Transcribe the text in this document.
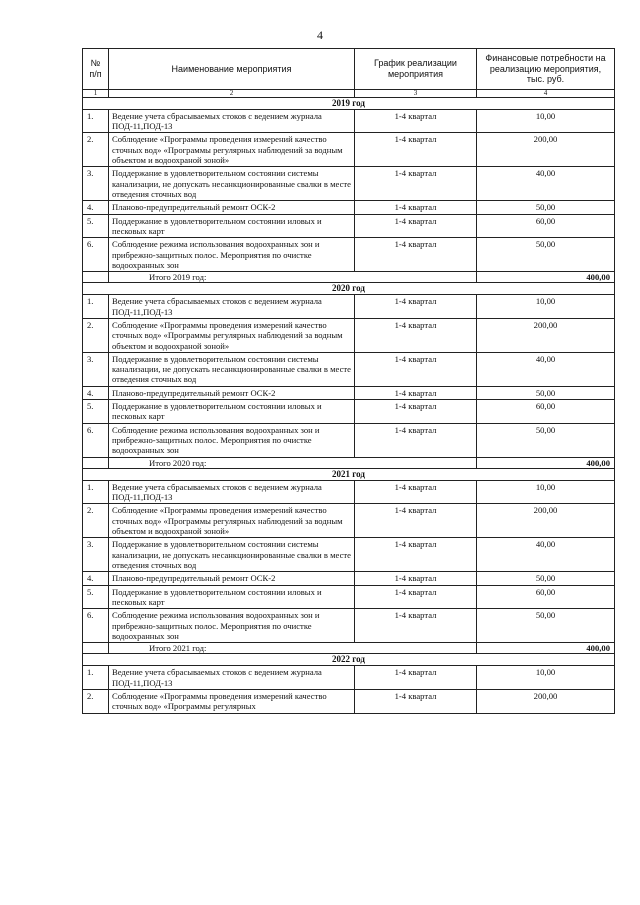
4
№
п/п	Наименование мероприятия	График реализации мероприятия	Финансовые потребности на реализацию мероприятия, тыс. руб.
1	2	3	4
2019 год			
1.	Ведение учета сбрасываемых стоков с ведением журнала ПОД-11,ПОД-13	1-4 квартал	10,00
2.	Соблюдение «Программы проведения измерений качество сточных вод» «Программы регулярных наблюдений за водным объектом и водоохраной зоной»	1-4 квартал	200,00
3.	Поддержание в удовлетворительном состоянии системы канализации, не допускать несанкционированные свалки в месте отведения сточных вод	1-4 квартал	40,00
4.	Планово-предупредительный ремонт ОСК-2	1-4 квартал	50,00
5.	Поддержание в удовлетворительном состоянии иловых и песковых карт	1-4 квартал	60,00
6.	Соблюдение режима использования водоохранных зон и прибрежно-защитных полос. Мероприятия по очистке водоохранных зон	1-4 квартал	50,00
	Итого 2019 год:		400,00
2020 год			
1.	Ведение учета сбрасываемых стоков с ведением журнала ПОД-11,ПОД-13	1-4 квартал	10,00
2.	Соблюдение «Программы проведения измерений качество сточных вод» «Программы регулярных наблюдений за водным объектом и водоохраной зоной»	1-4 квартал	200,00
3.	Поддержание в удовлетворительном состоянии системы канализации, не допускать несанкционированные свалки в месте отведения сточных вод	1-4 квартал	40,00
4.	Планово-предупредительный ремонт ОСК-2	1-4 квартал	50,00
5.	Поддержание в удовлетворительном состоянии иловых и песковых карт	1-4 квартал	60,00
6.	Соблюдение режима использования водоохранных зон и прибрежно-защитных полос. Мероприятия по очистке водоохранных зон	1-4 квартал	50,00
	Итого 2020 год:		400,00
2021 год			
1.	Ведение учета сбрасываемых стоков с ведением журнала ПОД-11,ПОД-13	1-4 квартал	10,00
2.	Соблюдение «Программы проведения измерений качество сточных вод» «Программы регулярных наблюдений за водным объектом и водоохраной зоной»	1-4 квартал	200,00
3.	Поддержание в удовлетворительном состоянии системы канализации, не допускать несанкционированные свалки в месте отведения сточных вод	1-4 квартал	40,00
4.	Планово-предупредительный ремонт ОСК-2	1-4 квартал	50,00
5.	Поддержание в удовлетворительном состоянии иловых и песковых карт	1-4 квартал	60,00
6.	Соблюдение режима использования водоохранных зон и прибрежно-защитных полос. Мероприятия по очистке водоохранных зон	1-4 квартал	50,00
	Итого 2021 год:		400,00
2022 год			
1.	Ведение учета сбрасываемых стоков с ведением журнала ПОД-11,ПОД-13	1-4 квартал	10,00
2.	Соблюдение «Программы проведения измерений качество сточных вод» «Программы регулярных	1-4 квартал	200,00
